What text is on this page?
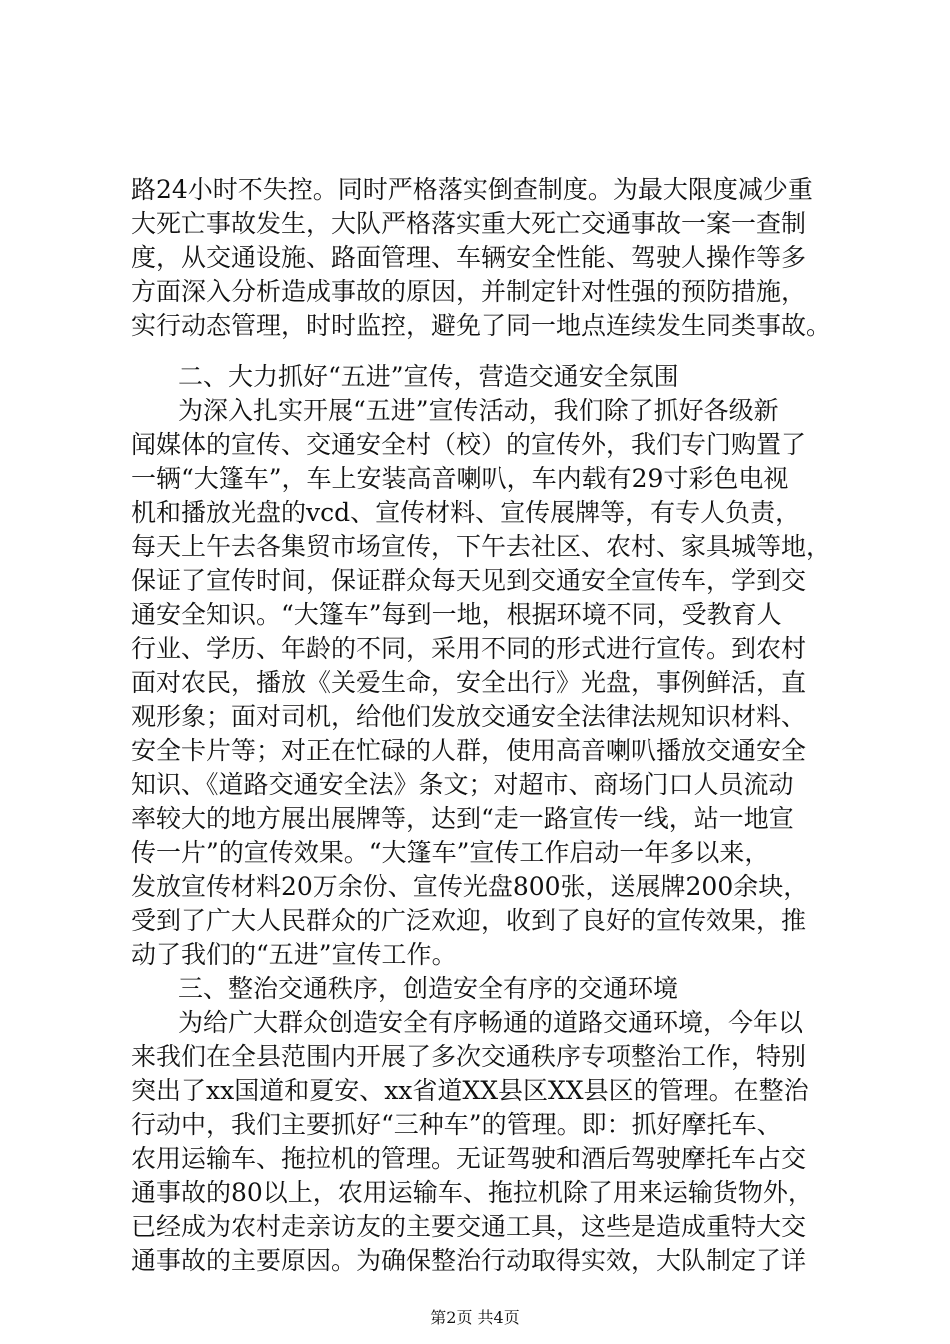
路24小时不失控。同时严格落实倒查制度。为最大限度减少重
大死亡事故发生，大队严格落实重大死亡交通事故一案一查制
度，从交通设施、路面管理、车辆安全性能、驾驶人操作等多
方面深入分析造成事故的原因，并制定针对性强的预防措施，
实行动态管理，时时监控，避免了同一地点连续发生同类事故。
二、大力抓好“五进”宣传，营造交通安全氛围
为深入扎实开展“五进”宣传活动，我们除了抓好各级新
闻媒体的宣传、交通安全村（校）的宣传外，我们专门购置了
一辆“大篷车”，车上安装高音喇叭，车内载有29寸彩色电视
机和播放光盘的vcd、宣传材料、宣传展牌等，有专人负责，
每天上午去各集贸市场宣传，下午去社区、农村、家具城等地，
保证了宣传时间，保证群众每天见到交通安全宣传车，学到交
通安全知识。“大篷车”每到一地，根据环境不同，受教育人
行业、学历、年龄的不同，采用不同的形式进行宣传。到农村
面对农民，播放《关爱生命，安全出行》光盘，事例鲜活，直
观形象；面对司机，给他们发放交通安全法律法规知识材料、
安全卡片等；对正在忙碌的人群，使用高音喇叭播放交通安全
知识、《道路交通安全法》条文；对超市、商场门口人员流动
率较大的地方展出展牌等，达到“走一路宣传一线，站一地宣
传一片”的宣传效果。“大篷车”宣传工作启动一年多以来，
发放宣传材料20万余份、宣传光盘800张，送展牌200余块，
受到了广大人民群众的广泛欢迎，收到了良好的宣传效果，推
动了我们的“五进”宣传工作。
三、整治交通秩序，创造安全有序的交通环境
为给广大群众创造安全有序畅通的道路交通环境，今年以
来我们在全县范围内开展了多次交通秩序专项整治工作，特别
突出了xx国道和夏安、xx省道XX县区XX县区的管理。在整治
行动中，我们主要抓好“三种车”的管理。即：抓好摩托车、
农用运输车、拖拉机的管理。无证驾驶和酒后驾驶摩托车占交
通事故的80以上，农用运输车、拖拉机除了用来运输货物外，
已经成为农村走亲访友的主要交通工具，这些是造成重特大交
通事故的主要原因。为确保整治行动取得实效，大队制定了详
第2页 共4页
